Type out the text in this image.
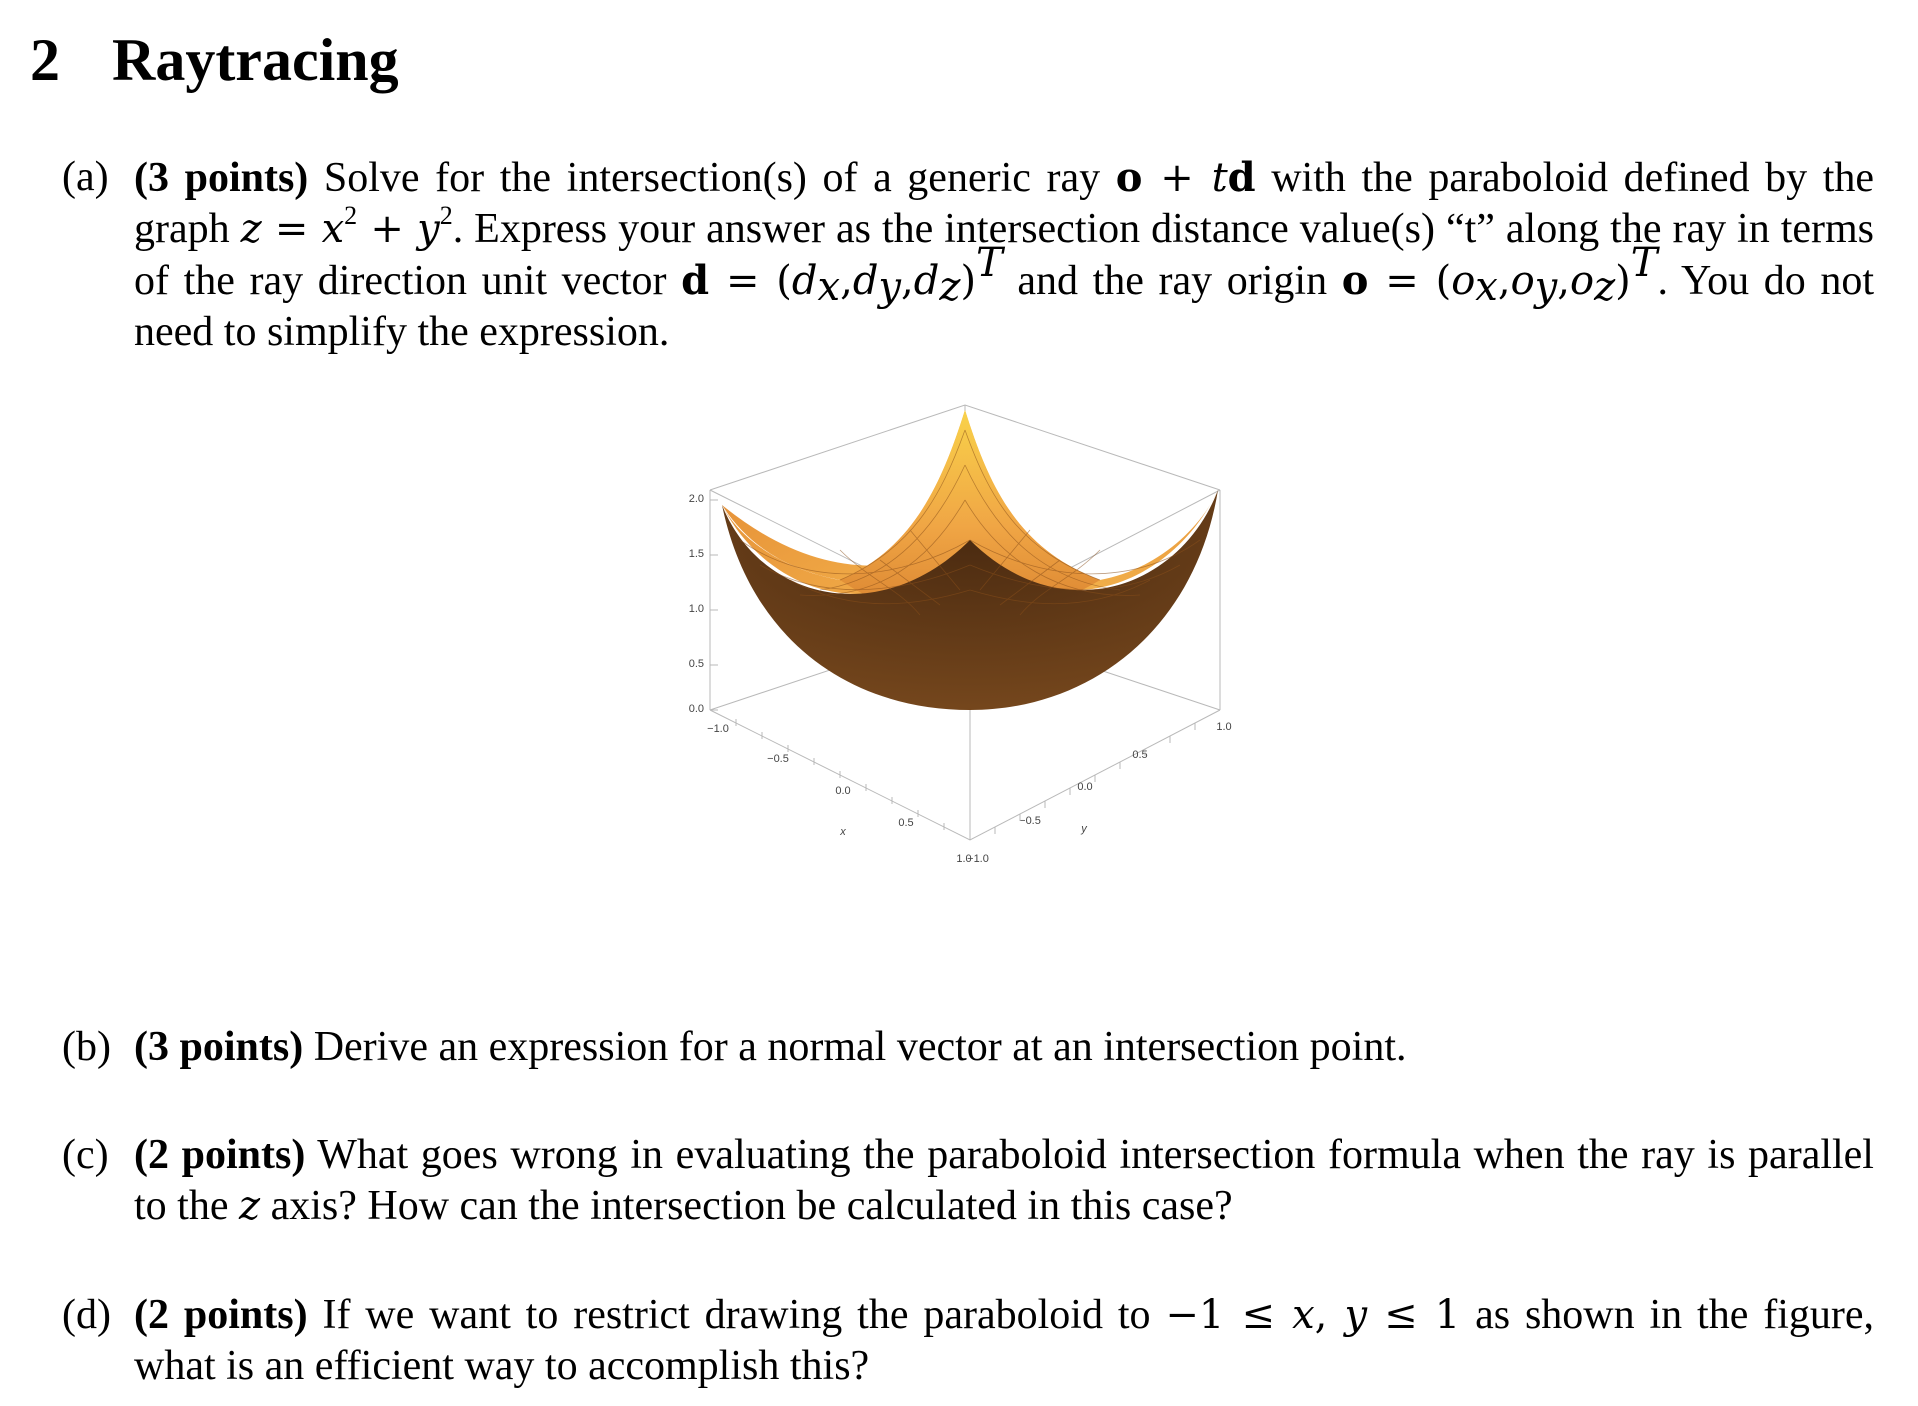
2 Raytracing
(a) (3 points) Solve for the intersection(s) of a generic ray o + td with the paraboloid defined by the graph $z = x^2 + y^2$. Express your answer as the intersection distance value(s) “t” along the ray in terms of the ray direction unit vector $d = (d_x,d_y,d_z)^T$ and the ray origin $o = (o_x,o_y,o_z)^T$. You do not need to simplify the expression.

2.0
1.5
1.0
0.5
0.0
−1.0
−0.5
0.0
0.5
1.0
x
−1.0
−0.5
0.0
0.5
1.0
y
(b) (3 points) Derive an expression for a normal vector at an intersection point.

(c) (2 points) What goes wrong in evaluating the paraboloid intersection formula when the ray is parallel to the z axis? How can the intersection be calculated in this case?

(d) (2 points) If we want to restrict drawing the paraboloid to −1 ≤ x, y ≤ 1 as shown in the figure, what is an efficient way to accomplish this?
